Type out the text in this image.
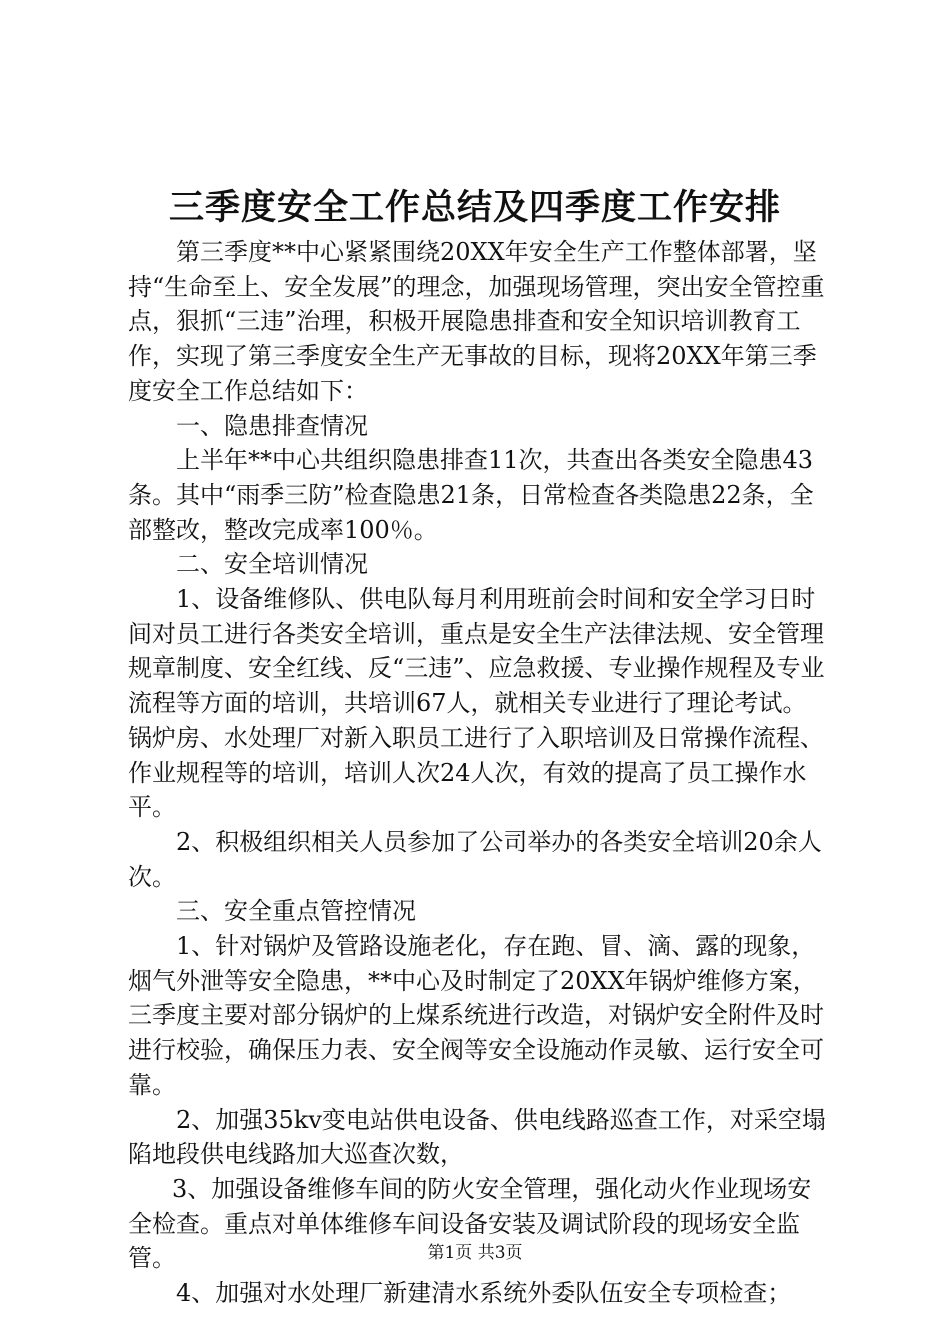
三季度安全工作总结及四季度工作安排

第三季度**中心紧紧围绕20XX年安全生产工作整体部署，坚持“生命至上、安全发展”的理念，加强现场管理，突出安全管控重点，狠抓“三违”治理，积极开展隐患排查和安全知识培训教育工作，实现了第三季度安全生产无事故的目标，现将20XX年第三季度安全工作总结如下：

一、隐患排查情况

上半年**中心共组织隐患排查11次，共查出各类安全隐患43条。其中“雨季三防”检查隐患21条，日常检查各类隐患22条，全部整改，整改完成率100％。

二、安全培训情况

1、设备维修队、供电队每月利用班前会时间和安全学习日时间对员工进行各类安全培训，重点是安全生产法律法规、安全管理规章制度、安全红线、反“三违”、应急救援、专业操作规程及专业流程等方面的培训，共培训67人，就相关专业进行了理论考试。锅炉房、水处理厂对新入职员工进行了入职培训及日常操作流程、作业规程等的培训，培训人次24人次，有效的提高了员工操作水平。

2、积极组织相关人员参加了公司举办的各类安全培训20余人次。

三、安全重点管控情况

1、针对锅炉及管路设施老化，存在跑、冒、滴、露的现象，烟气外泄等安全隐患，**中心及时制定了20XX年锅炉维修方案，三季度主要对部分锅炉的上煤系统进行改造，对锅炉安全附件及时进行校验，确保压力表、安全阀等安全设施动作灵敏、运行安全可靠。

2、加强35kv变电站供电设备、供电线路巡查工作，对采空塌陷地段供电线路加大巡查次数，

3、加强设备维修车间的防火安全管理，强化动火作业现场安全检查。重点对单体维修车间设备安装及调试阶段的现场安全监管。

4、加强对水处理厂新建清水系统外委队伍安全专项检查；

第1页 共3页
